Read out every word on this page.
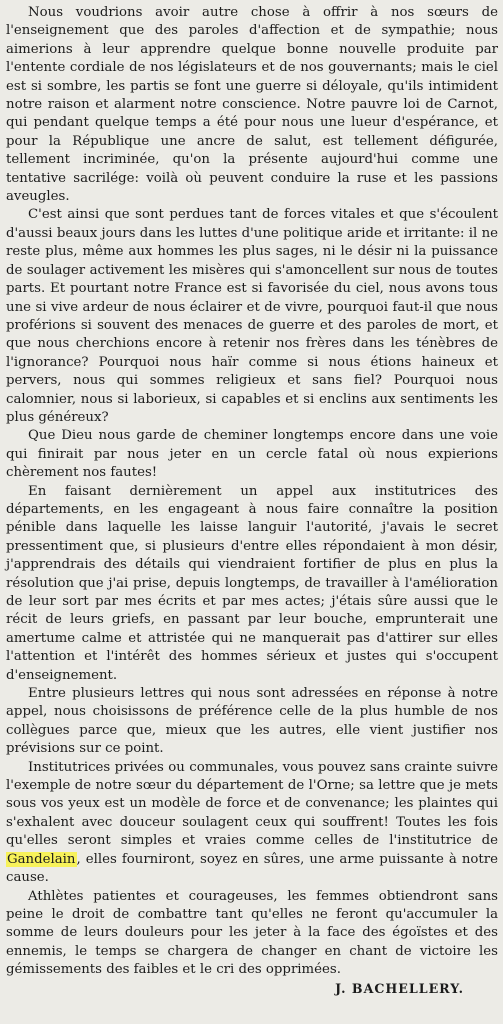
Nous voudrions avoir autre chose à offrir à nos sœurs de l'enseignement que des paroles d'affection et de sympathie; nous aimerions à leur apprendre quelque bonne nouvelle produite par l'entente cordiale de nos législateurs et de nos gouvernants; mais le ciel est si sombre, les partis se font une guerre si déloyale, qu'ils intimident notre raison et alarment notre conscience. Notre pauvre loi de Carnot, qui pendant quelque temps a été pour nous une lueur d'espérance, et pour la République une ancre de salut, est tellement défigurée, tellement incriminée, qu'on la présente aujourd'hui comme une tentative sacrilége: voilà où peuvent conduire la ruse et les passions aveugles.

C'est ainsi que sont perdues tant de forces vitales et que s'écoulent d'aussi beaux jours dans les luttes d'une politique aride et irritante: il ne reste plus, même aux hommes les plus sages, ni le désir ni la puissance de soulager activement les misères qui s'amoncellent sur nous de toutes parts. Et pourtant notre France est si favorisée du ciel, nous avons tous une si vive ardeur de nous éclairer et de vivre, pourquoi faut-il que nous proférions si souvent des menaces de guerre et des paroles de mort, et que nous cherchions encore à retenir nos frères dans les ténèbres de l'ignorance? Pourquoi nous haïr comme si nous étions haineux et pervers, nous qui sommes religieux et sans fiel? Pourquoi nous calomnier, nous si laborieux, si capables et si enclins aux sentiments les plus généreux?

Que Dieu nous garde de cheminer longtemps encore dans une voie qui finirait par nous jeter en un cercle fatal où nous expierions chèrement nos fautes!

En faisant dernièrement un appel aux institutrices des départements, en les engageant à nous faire connaître la position pénible dans laquelle les laisse languir l'autorité, j'avais le secret pressentiment que, si plusieurs d'entre elles répondaient à mon désir, j'apprendrais des détails qui viendraient fortifier de plus en plus la résolution que j'ai prise, depuis longtemps, de travailler à l'amélioration de leur sort par mes écrits et par mes actes; j'étais sûre aussi que le récit de leurs griefs, en passant par leur bouche, emprunterait une amertume calme et attristée qui ne manquerait pas d'attirer sur elles l'attention et l'intérêt des hommes sérieux et justes qui s'occupent d'enseignement.

Entre plusieurs lettres qui nous sont adressées en réponse à notre appel, nous choisissons de préférence celle de la plus humble de nos collègues parce que, mieux que les autres, elle vient justifier nos prévisions sur ce point.

Institutrices privées ou communales, vous pouvez sans crainte suivre l'exemple de notre sœur du département de l'Orne; sa lettre que je mets sous vos yeux est un modèle de force et de convenance; les plaintes qui s'exhalent avec douceur soulagent ceux qui souffrent! Toutes les fois qu'elles seront simples et vraies comme celles de l'institutrice de Gandelain, elles fourniront, soyez en sûres, une arme puissante à notre cause.

Athlètes patientes et courageuses, les femmes obtiendront sans peine le droit de combattre tant qu'elles ne feront qu'accumuler la somme de leurs douleurs pour les jeter à la face des égoïstes et des ennemis, le temps se chargera de changer en chant de victoire les gémissements des faibles et le cri des opprimées.

J. BACHELLERY.
